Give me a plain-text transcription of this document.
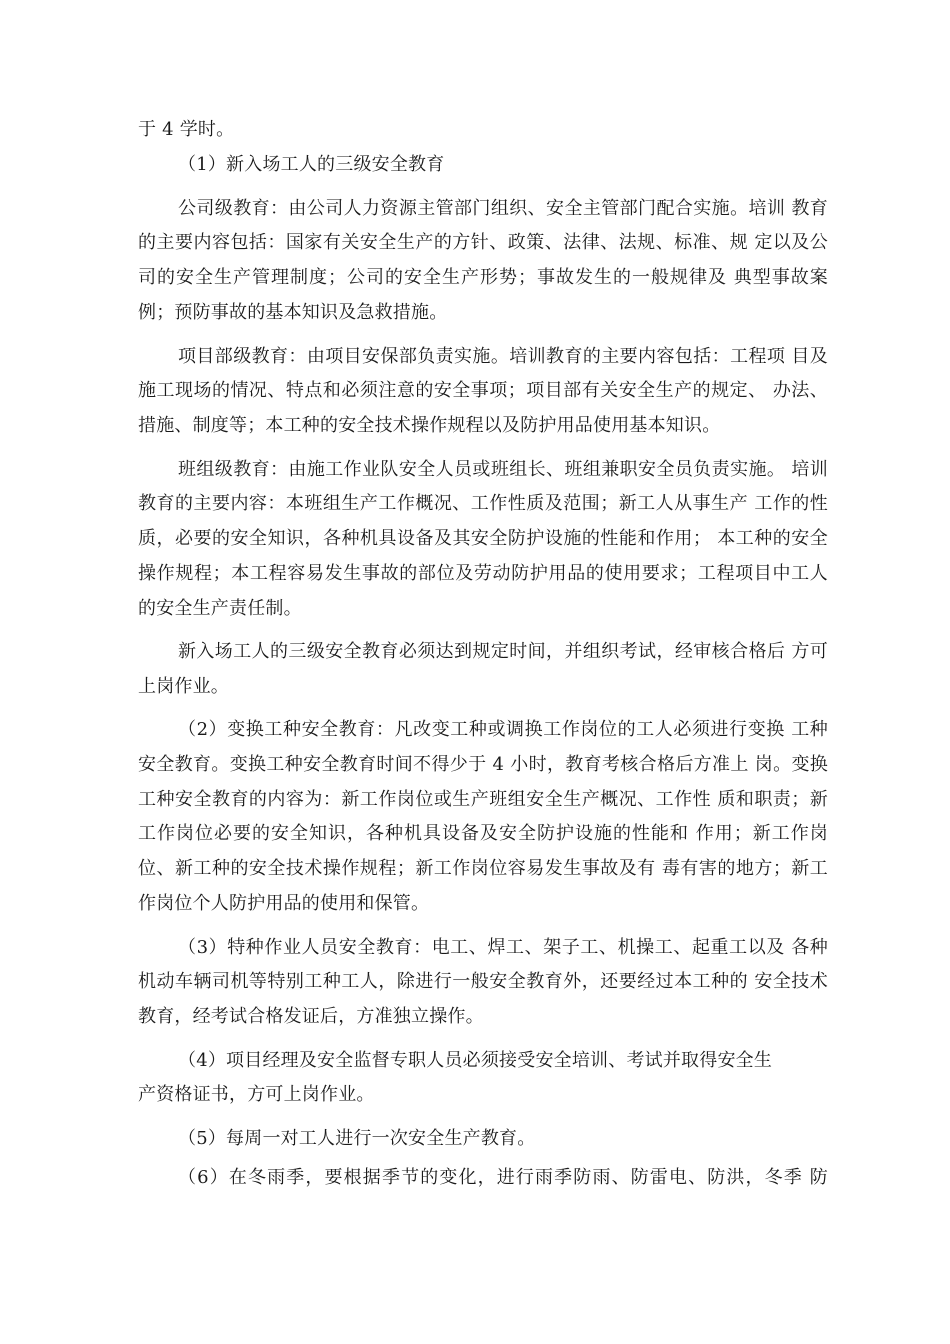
于 4 学时。
（1）新入场工人的三级安全教育
公司级教育：由公司人力资源主管部门组织、安全主管部门配合实施。培训 教育
的主要内容包括：国家有关安全生产的方针、政策、法律、法规、标准、规 定以及公
司的安全生产管理制度；公司的安全生产形势；事故发生的一般规律及 典型事故案
例；预防事故的基本知识及急救措施。
项目部级教育：由项目安保部负责实施。培训教育的主要内容包括：工程项 目及
施工现场的情况、特点和必须注意的安全事项；项目部有关安全生产的规定、 办法、
措施、制度等；本工种的安全技术操作规程以及防护用品使用基本知识。
班组级教育：由施工作业队安全人员或班组长、班组兼职安全员负责实施。 培训
教育的主要内容：本班组生产工作概况、工作性质及范围；新工人从事生产 工作的性
质，必要的安全知识，各种机具设备及其安全防护设施的性能和作用； 本工种的安全
操作规程；本工程容易发生事故的部位及劳动防护用品的使用要求；工程项目中工人
的安全生产责任制。
新入场工人的三级安全教育必须达到规定时间，并组织考试，经审核合格后 方可
上岗作业。
（2）变换工种安全教育：凡改变工种或调换工作岗位的工人必须进行变换 工种
安全教育。变换工种安全教育时间不得少于 4 小时，教育考核合格后方准上 岗。变换
工种安全教育的内容为：新工作岗位或生产班组安全生产概况、工作性 质和职责；新
工作岗位必要的安全知识，各种机具设备及安全防护设施的性能和 作用；新工作岗
位、新工种的安全技术操作规程；新工作岗位容易发生事故及有 毒有害的地方；新工
作岗位个人防护用品的使用和保管。
（3）特种作业人员安全教育：电工、焊工、架子工、机操工、起重工以及 各种
机动车辆司机等特别工种工人，除进行一般安全教育外，还要经过本工种的 安全技术
教育，经考试合格发证后，方准独立操作。
（4）项目经理及安全监督专职人员必须接受安全培训、考试并取得安全生
产资格证书，方可上岗作业。
（5）每周一对工人进行一次安全生产教育。
（6）在冬雨季，要根据季节的变化，进行雨季防雨、防雷电、防洪，冬季 防
